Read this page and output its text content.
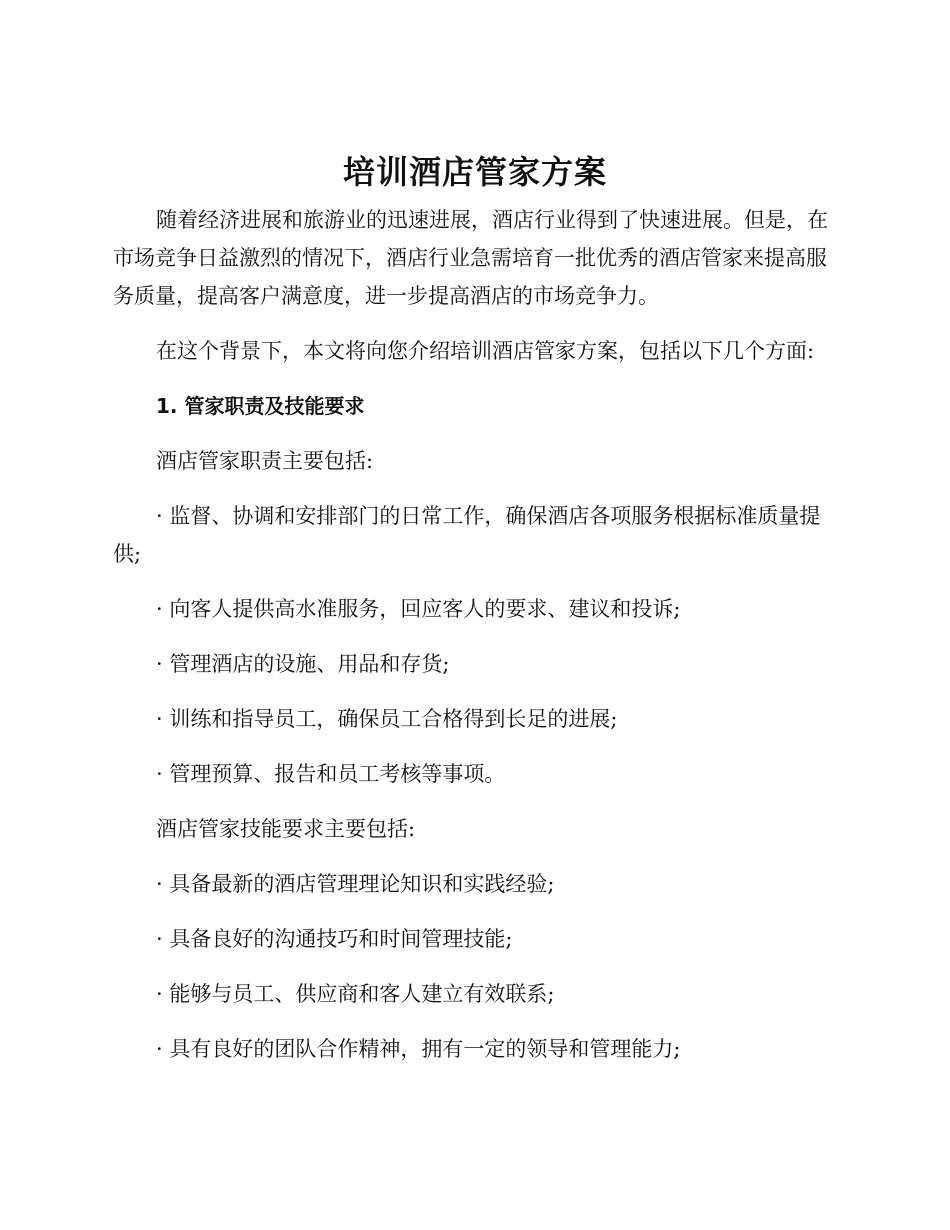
培训酒店管家方案

随着经济进展和旅游业的迅速进展，酒店行业得到了快速进展。但是，在市场竞争日益激烈的情况下，酒店行业急需培育一批优秀的酒店管家来提高服务质量，提高客户满意度，进一步提高酒店的市场竞争力。

在这个背景下，本文将向您介绍培训酒店管家方案，包括以下几个方面:

1. 管家职责及技能要求

酒店管家职责主要包括:

· 监督、协调和安排部门的日常工作，确保酒店各项服务根据标准质量提供;

· 向客人提供高水准服务，回应客人的要求、建议和投诉;

· 管理酒店的设施、用品和存货;

· 训练和指导员工，确保员工合格得到长足的进展;

· 管理预算、报告和员工考核等事项。

酒店管家技能要求主要包括:

· 具备最新的酒店管理理论知识和实践经验;

· 具备良好的沟通技巧和时间管理技能;

· 能够与员工、供应商和客人建立有效联系;

· 具有良好的团队合作精神，拥有一定的领导和管理能力;
